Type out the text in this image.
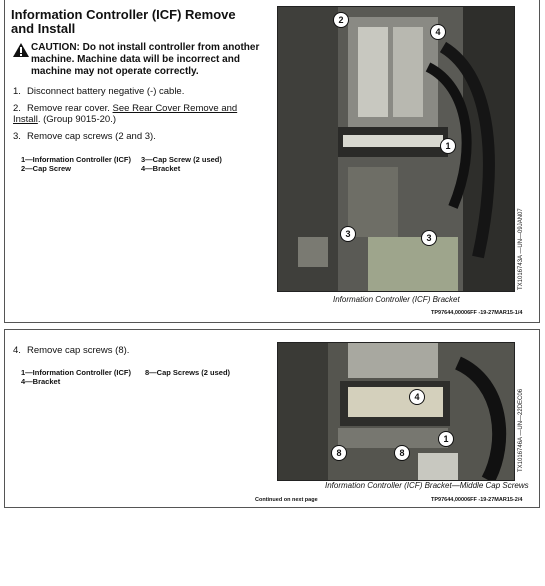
Information Controller (ICF) Remove and Install
CAUTION: Do not install controller from another machine. Machine data will be incorrect and machine may not operate correctly.
1. Disconnect battery negative (-) cable.
2. Remove rear cover. See Rear Cover Remove and Install. (Group 9015-20.)
3. Remove cap screws (2 and 3).
1—Information Controller (ICF)
2—Cap Screw
3—Cap Screw (2 used)
4—Bracket
2
4
1
3	3	TX1016743A —UN—09JAN07
Information Controller (ICF) Bracket
TP97644,00006FF -19-27MAR15-1/4
4. Remove cap screws (8).
1—Information Controller (ICF)
4—Bracket
8—Cap Screws (2 used)
4
1
8	8	TX1016746A —UN—22DEC06
Information Controller (ICF) Bracket—Middle Cap Screws
Continued on next page	TP97644,00006FF -19-27MAR15-2/4
